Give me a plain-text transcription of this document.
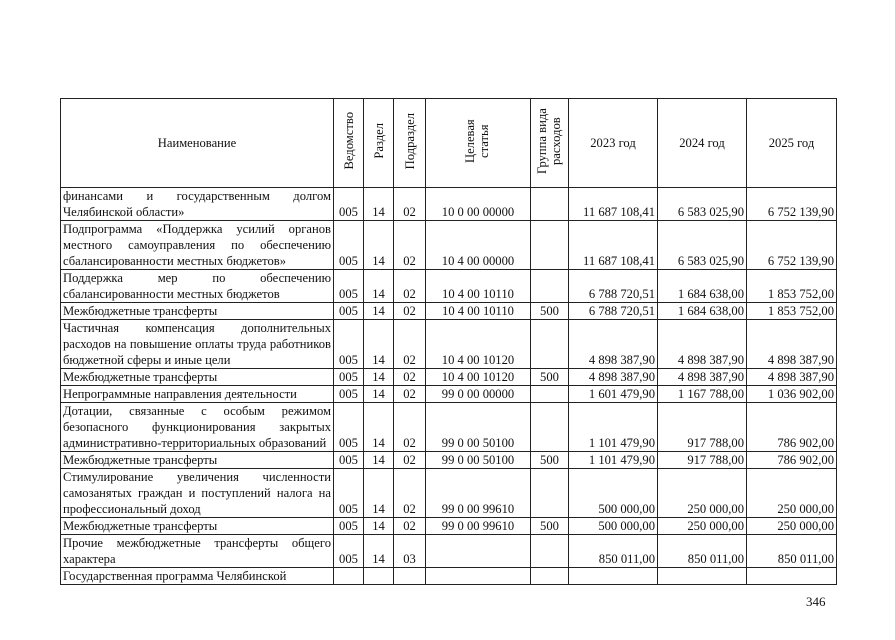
Наименование	Ведомство	Раздел	Подраздел	Целевая статья	Группа вида расходов	2023 год	2024 год	2025 год
финансами и государственным долгом Челябинской области»	005	14	02	10 0 00 00000		11 687 108,41	6 583 025,90	6 752 139,90
Подпрограмма «Поддержка усилий органов местного самоуправления по обеспечению сбалансированности местных бюджетов»	005	14	02	10 4 00 00000		11 687 108,41	6 583 025,90	6 752 139,90
Поддержка мер по обеспечению сбалансированности местных бюджетов	005	14	02	10 4 00 10110		6 788 720,51	1 684 638,00	1 853 752,00
Межбюджетные трансферты	005	14	02	10 4 00 10110	500	6 788 720,51	1 684 638,00	1 853 752,00
Частичная компенсация дополнительных расходов на повышение оплаты труда работников бюджетной сферы и иные цели	005	14	02	10 4 00 10120		4 898 387,90	4 898 387,90	4 898 387,90
Межбюджетные трансферты	005	14	02	10 4 00 10120	500	4 898 387,90	4 898 387,90	4 898 387,90
Непрограммные направления деятельности	005	14	02	99 0 00 00000		1 601 479,90	1 167 788,00	1 036 902,00
Дотации, связанные с особым режимом безопасного функционирования закрытых административно-территориальных образований	005	14	02	99 0 00 50100		1 101 479,90	917 788,00	786 902,00
Межбюджетные трансферты	005	14	02	99 0 00 50100	500	1 101 479,90	917 788,00	786 902,00
Стимулирование увеличения численности самозанятых граждан и поступлений налога на профессиональный доход	005	14	02	99 0 00 99610		500 000,00	250 000,00	250 000,00
Межбюджетные трансферты	005	14	02	99 0 00 99610	500	500 000,00	250 000,00	250 000,00
Прочие межбюджетные трансферты общего характера	005	14	03			850 011,00	850 011,00	850 011,00
Государственная программа Челябинской								
346
